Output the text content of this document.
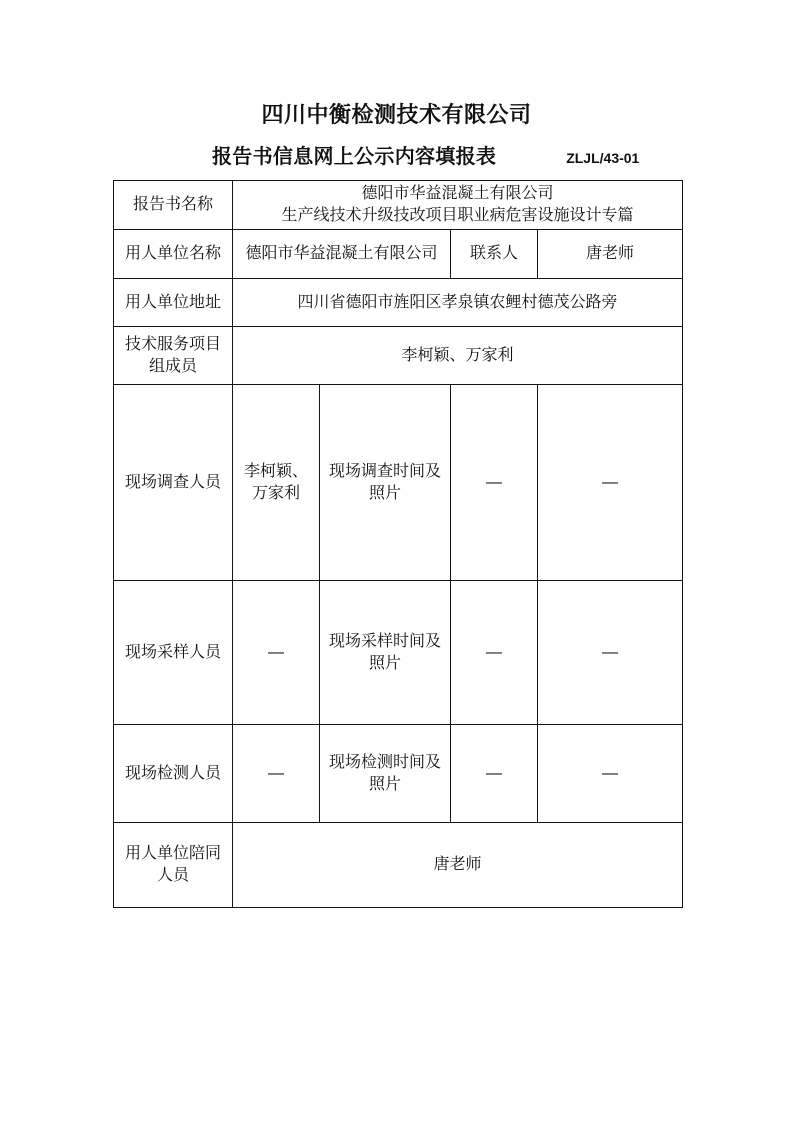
四川中衡检测技术有限公司
报告书信息网上公示内容填报表	ZLJL/43-01
报告书名称	德阳市华益混凝土有限公司
生产线技术升级技改项目职业病危害设施设计专篇			

用人单位名称	德阳市华益混凝土有限公司		联系人	唐老师
用人单位地址	四川省德阳市旌阳区孝泉镇农鲤村德茂公路旁			

技术服务项目
组成员	李柯颖、万家利			
现场调查人员	李柯颖、
万家利	现场调查时间及
照片	—	—
现场采样人员	—	现场采样时间及
照片	—	—
现场检测人员	—	现场检测时间及
照片	—	—

用人单位陪同
人员	唐老师			
